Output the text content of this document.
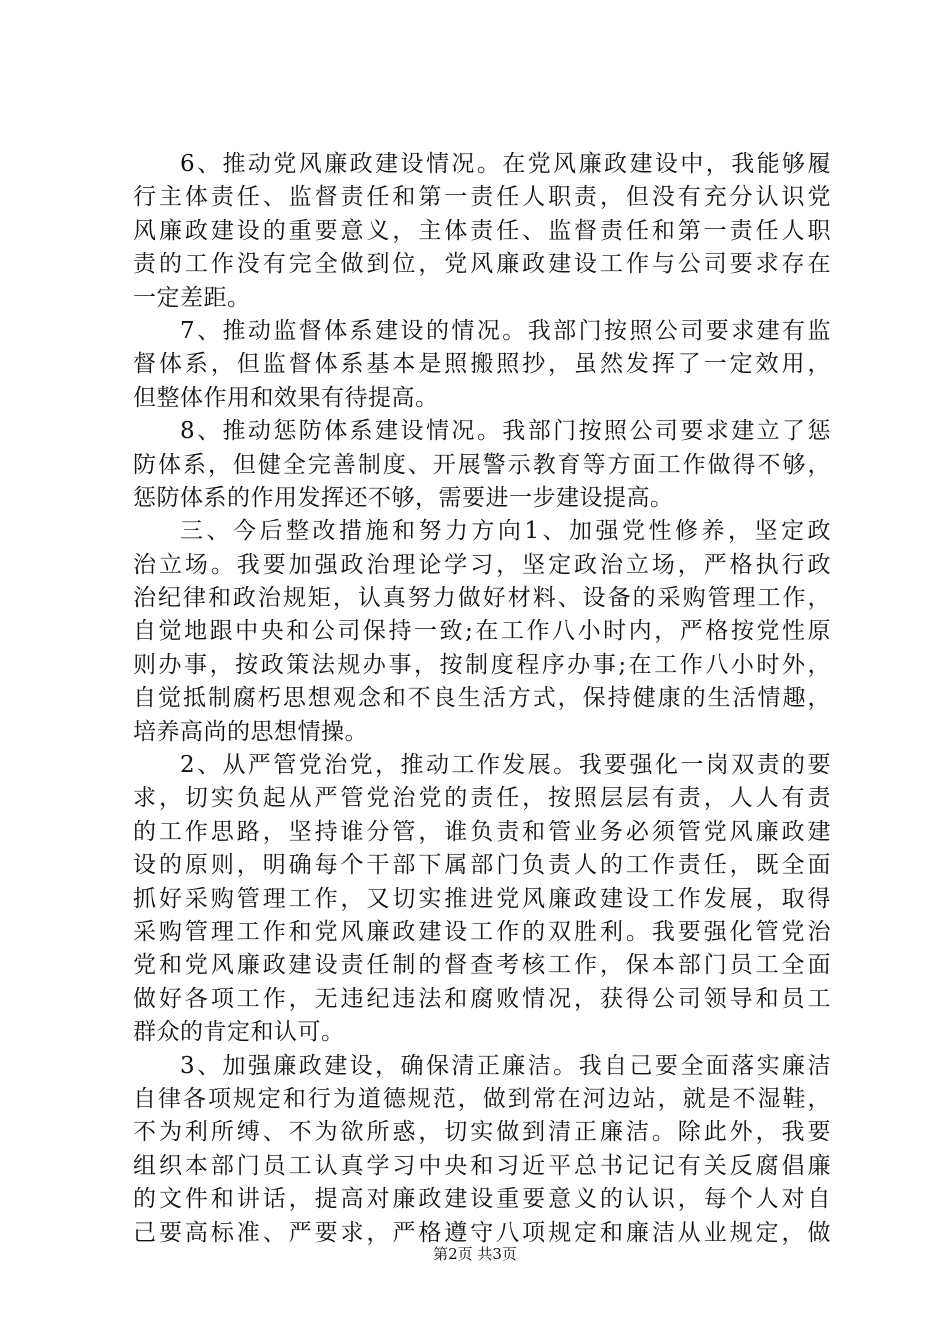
6、推动党风廉政建设情况。在党风廉政建设中，我能够履
行主体责任、监督责任和第一责任人职责，但没有充分认识党
风廉政建设的重要意义，主体责任、监督责任和第一责任人职
责的工作没有完全做到位，党风廉政建设工作与公司要求存在
一定差距。
7、推动监督体系建设的情况。我部门按照公司要求建有监
督体系，但监督体系基本是照搬照抄，虽然发挥了一定效用，
但整体作用和效果有待提高。
8、推动惩防体系建设情况。我部门按照公司要求建立了惩
防体系，但健全完善制度、开展警示教育等方面工作做得不够，
惩防体系的作用发挥还不够，需要进一步建设提高。
三、今后整改措施和努力方向1、加强党性修养，坚定政
治立场。我要加强政治理论学习，坚定政治立场，严格执行政
治纪律和政治规矩，认真努力做好材料、设备的采购管理工作，
自觉地跟中央和公司保持一致;在工作八小时内，严格按党性原
则办事，按政策法规办事，按制度程序办事;在工作八小时外，
自觉抵制腐朽思想观念和不良生活方式，保持健康的生活情趣，
培养高尚的思想情操。
2、从严管党治党，推动工作发展。我要强化一岗双责的要
求，切实负起从严管党治党的责任，按照层层有责，人人有责
的工作思路，坚持谁分管，谁负责和管业务必须管党风廉政建
设的原则，明确每个干部下属部门负责人的工作责任，既全面
抓好采购管理工作，又切实推进党风廉政建设工作发展，取得
采购管理工作和党风廉政建设工作的双胜利。我要强化管党治
党和党风廉政建设责任制的督查考核工作，保本部门员工全面
做好各项工作，无违纪违法和腐败情况，获得公司领导和员工
群众的肯定和认可。
3、加强廉政建设，确保清正廉洁。我自己要全面落实廉洁
自律各项规定和行为道德规范，做到常在河边站，就是不湿鞋，
不为利所缚、不为欲所惑，切实做到清正廉洁。除此外，我要
组织本部门员工认真学习中央和习近平总书记记有关反腐倡廉
的文件和讲话，提高对廉政建设重要意义的认识，每个人对自
己要高标准、严要求，严格遵守八项规定和廉洁从业规定，做
第2页 共3页
